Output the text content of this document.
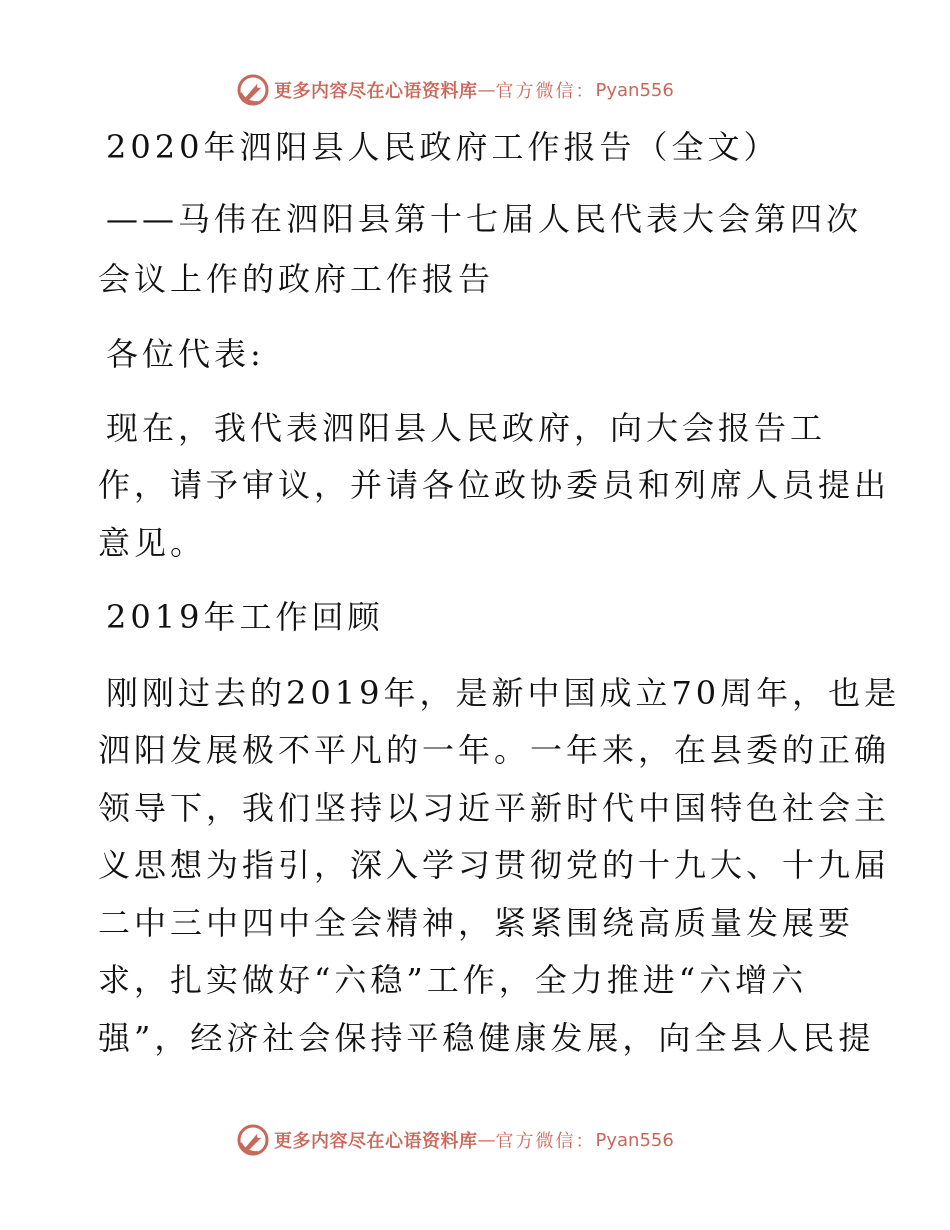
更多内容尽在心语资料库 — 官方微信： Pyan556
2020年泗阳县人民政府工作报告（全文）
——马伟在泗阳县第十七届人民代表大会第四次
会议上作的政府工作报告
各位代表:
现在，我代表泗阳县人民政府，向大会报告工
作，请予审议，并请各位政协委员和列席人员提出
意见。
2019年工作回顾
刚刚过去的2019年，是新中国成立70周年，也是
泗阳发展极不平凡的一年。一年来，在县委的正确
领导下，我们坚持以习近平新时代中国特色社会主
义思想为指引，深入学习贯彻党的十九大、十九届
二中三中四中全会精神，紧紧围绕高质量发展要
求，扎实做好“六稳”工作，全力推进“六增六
强”，经济社会保持平稳健康发展，向全县人民提
更多内容尽在心语资料库 — 官方微信： Pyan556
